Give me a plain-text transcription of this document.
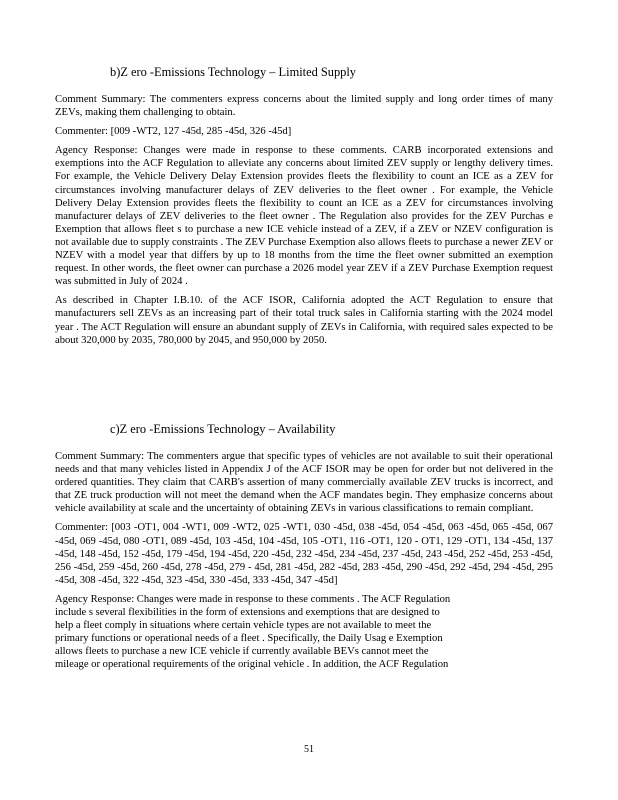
b)Z ero -Emissions Technology – Limited Supply

Comment Summary: The commenters express concerns about the limited supply and long order times of many ZEVs, making them challenging to obtain.

Commenter: [009 -WT2, 127 -45d, 285 -45d, 326 -45d]

Agency Response: Changes were made in response to these comments. CARB incorporated extensions and exemptions into the ACF Regulation to alleviate any concerns about limited ZEV supply or lengthy delivery times. For example, the Vehicle Delivery Delay Extension provides fleets the flexibility to count an ICE as a ZEV for circumstances involving manufacturer delays of ZEV deliveries to the fleet owner . For example, the Vehicle Delivery Delay Extension provides fleets the flexibility to count an ICE as a ZEV for circumstances involving manufacturer delays of ZEV deliveries to the fleet owner . The Regulation also provides for the ZEV Purchas e Exemption that allows fleet s to purchase a new ICE vehicle instead of a ZEV, if a ZEV or NZEV configuration is not available due to supply constraints . The ZEV Purchase Exemption also allows fleets to purchase a newer ZEV or NZEV with a model year that differs by up to 18 months from the time the fleet owner submitted an exemption request. In other words, the fleet owner can purchase a 2026 model year ZEV if a ZEV Purchase Exemption request was submitted in July of 2024 .

As described in Chapter I.B.10. of the ACF ISOR, California adopted the ACT Regulation to ensure that manufacturers sell ZEVs as an increasing part of their total truck sales in California starting with the 2024 model year . The ACT Regulation will ensure an abundant supply of ZEVs in California, with required sales expected to be about 320,000 by 2035, 780,000 by 2045, and 950,000 by 2050.

c)Z ero -Emissions Technology – Availability

Comment Summary: The commenters argue that specific types of vehicles are not available to suit their operational needs and that many vehicles listed in Appendix J of the ACF ISOR may be open for order but not delivered in the ordered quantities. They claim that CARB's assertion of many commercially available ZEV trucks is incorrect, and that ZE truck production will not meet the demand when the ACF mandates begin. They emphasize concerns about vehicle availability at scale and the uncertainty of obtaining ZEVs in various classifications to remain compliant.

Commenter: [003 -OT1, 004 -WT1, 009 -WT2, 025 -WT1, 030 -45d, 038 -45d, 054 -45d, 063 -45d, 065 -45d, 067 -45d, 069 -45d, 080 -OT1, 089 -45d, 103 -45d, 104 -45d, 105 -OT1, 116 -OT1, 120 - OT1, 129 -OT1, 134 -45d, 137 -45d, 148 -45d, 152 -45d, 179 -45d, 194 -45d, 220 -45d, 232 -45d, 234 -45d, 237 -45d, 243 -45d, 252 -45d, 253 -45d, 256 -45d, 259 -45d, 260 -45d, 278 -45d, 279 - 45d, 281 -45d, 282 -45d, 283 -45d, 290 -45d, 292 -45d, 294 -45d, 295 -45d, 308 -45d, 322 -45d, 323 -45d, 330 -45d, 333 -45d, 347 -45d]

Agency Response: Changes were made in response to these comments . The ACF Regulation

include s several flexibilities in the form of extensions and exemptions that are designed to

help a fleet comply in situations where certain vehicle types are not available to meet the

primary functions or operational needs of a fleet . Specifically, the Daily Usag e Exemption

allows fleets to purchase a new ICE vehicle if currently available BEVs cannot meet the

mileage or operational requirements of the original vehicle . In addition, the ACF Regulation

51
